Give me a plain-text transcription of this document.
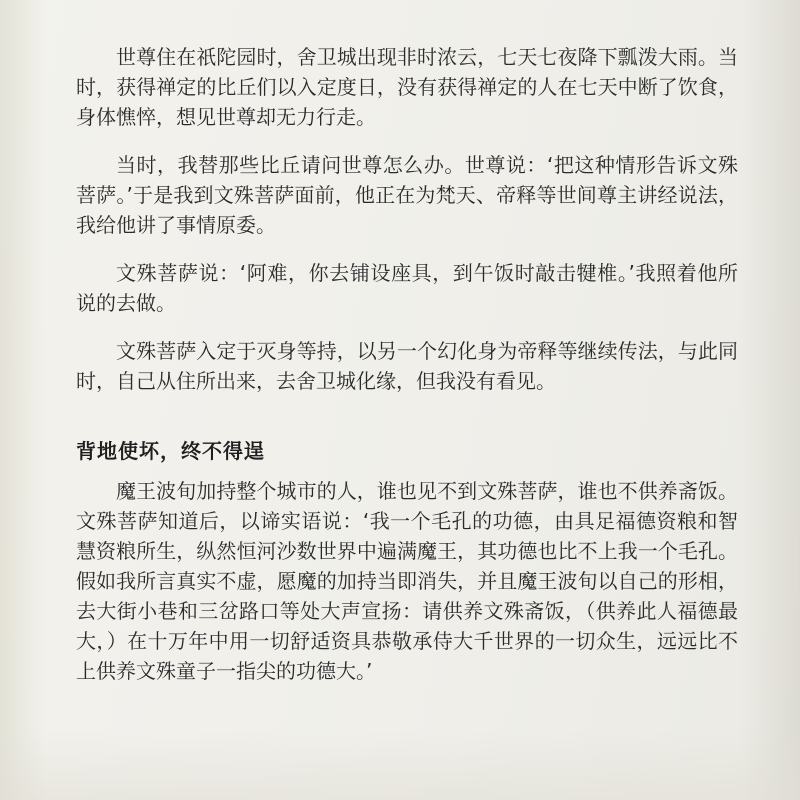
世尊住在祇陀园时，舍卫城出现非时浓云，七天七夜降下瓢泼大雨。当时，获得禅定的比丘们以入定度日，没有获得禅定的人在七天中断了饮食，身体憔悴，想见世尊却无力行走。

当时，我替那些比丘请问世尊怎么办。世尊说：‘把这种情形告诉文殊菩萨。’于是我到文殊菩萨面前，他正在为梵天、帝释等世间尊主讲经说法，我给他讲了事情原委。

文殊菩萨说：‘阿难，你去铺设座具，到午饭时敲击犍椎。’我照着他所说的去做。

文殊菩萨入定于灭身等持，以另一个幻化身为帝释等继续传法，与此同时，自己从住所出来，去舍卫城化缘，但我没有看见。

背地使坏，终不得逞

魔王波旬加持整个城市的人，谁也见不到文殊菩萨，谁也不供养斋饭。文殊菩萨知道后，以谛实语说：‘我一个毛孔的功德，由具足福德资粮和智慧资粮所生，纵然恒河沙数世界中遍满魔王，其功德也比不上我一个毛孔。假如我所言真实不虚，愿魔的加持当即消失，并且魔王波旬以自己的形相，去大街小巷和三岔路口等处大声宣扬：请供养文殊斋饭，（供养此人福德最大，）在十万年中用一切舒适资具恭敬承侍大千世界的一切众生，远远比不上供养文殊童子一指尖的功德大。’
